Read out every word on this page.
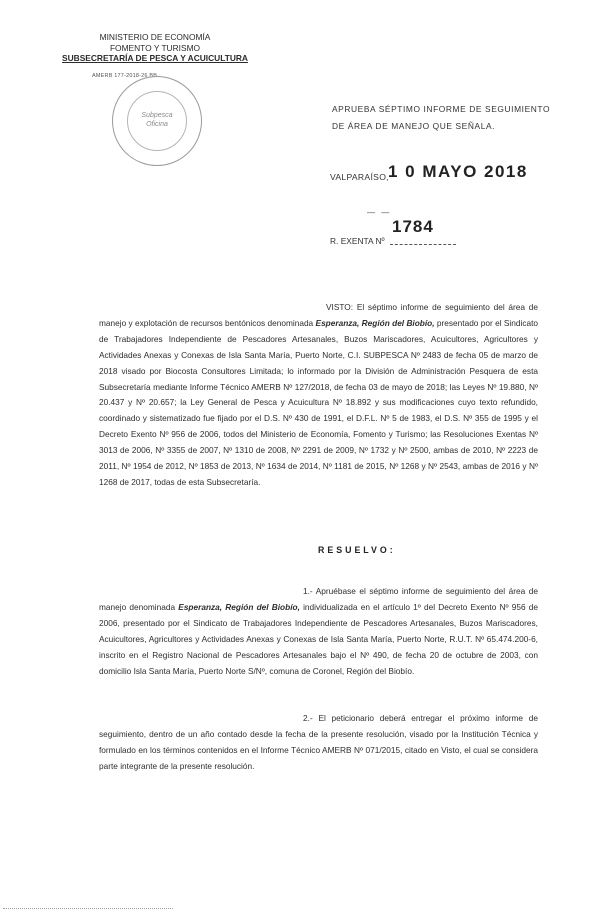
MINISTERIO DE ECONOMÍA
FOMENTO Y TURISMO
SUBSECRETARÍA DE PESCA Y ACUICULTURA
AMERB 177-2018-26 BB
Subpesca
Oficina
APRUEBA SÉPTIMO INFORME DE SEGUIMIENTO
DE ÁREA DE MANEJO QUE SEÑALA.
VALPARAÍSO, 1 0 MAYO 2018
— —
R. EXENTA Nº
1784

VISTO: El séptimo informe de seguimiento del área de manejo y explotación de recursos bentónicos denominada Esperanza, Región del Biobío, presentado por el Sindicato de Trabajadores Independiente de Pescadores Artesanales, Buzos Mariscadores, Acuicultores, Agricultores y Actividades Anexas y Conexas de Isla Santa María, Puerto Norte, C.I. SUBPESCA Nº 2483 de fecha 05 de marzo de 2018 visado por Biocosta Consultores Limitada; lo informado por la División de Administración Pesquera de esta Subsecretaría mediante Informe Técnico AMERB Nº 127/2018, de fecha 03 de mayo de 2018; las Leyes Nº 19.880, Nº 20.437 y Nº 20.657; la Ley General de Pesca y Acuicultura Nº 18.892 y sus modificaciones cuyo texto refundido, coordinado y sistematizado fue fijado por el D.S. Nº 430 de 1991, el D.F.L. Nº 5 de 1983, el D.S. Nº 355 de 1995 y el Decreto Exento Nº 956 de 2006, todos del Ministerio de Economía, Fomento y Turismo; las Resoluciones Exentas Nº 3013 de 2006, Nº 3355 de 2007, Nº 1310 de 2008, Nº 2291 de 2009, Nº 1732 y Nº 2500, ambas de 2010, Nº 2223 de 2011, Nº 1954 de 2012, Nº 1853 de 2013, Nº 1634 de 2014, Nº 1181 de 2015, Nº 1268 y Nº 2543, ambas de 2016 y Nº 1268 de 2017, todas de esta Subsecretaría.

RESUELVO:

1.- Apruébase el séptimo informe de seguimiento del área de manejo denominada Esperanza, Región del Biobío, individualizada en el artículo 1º del Decreto Exento Nº 956 de 2006, presentado por el Sindicato de Trabajadores Independiente de Pescadores Artesanales, Buzos Mariscadores, Acuicultores, Agricultores y Actividades Anexas y Conexas de Isla Santa María, Puerto Norte, R.U.T. Nº 65.474.200-6, inscrito en el Registro Nacional de Pescadores Artesanales bajo el Nº 490, de fecha 20 de octubre de 2003, con domicilio Isla Santa María, Puerto Norte S/Nº, comuna de Coronel, Región del Biobío.

2.- El peticionario deberá entregar el próximo informe de seguimiento, dentro de un año contado desde la fecha de la presente resolución, visado por la Institución Técnica y formulado en los términos contenidos en el Informe Técnico AMERB Nº 071/2015, citado en Visto, el cual se considera parte integrante de la presente resolución.
